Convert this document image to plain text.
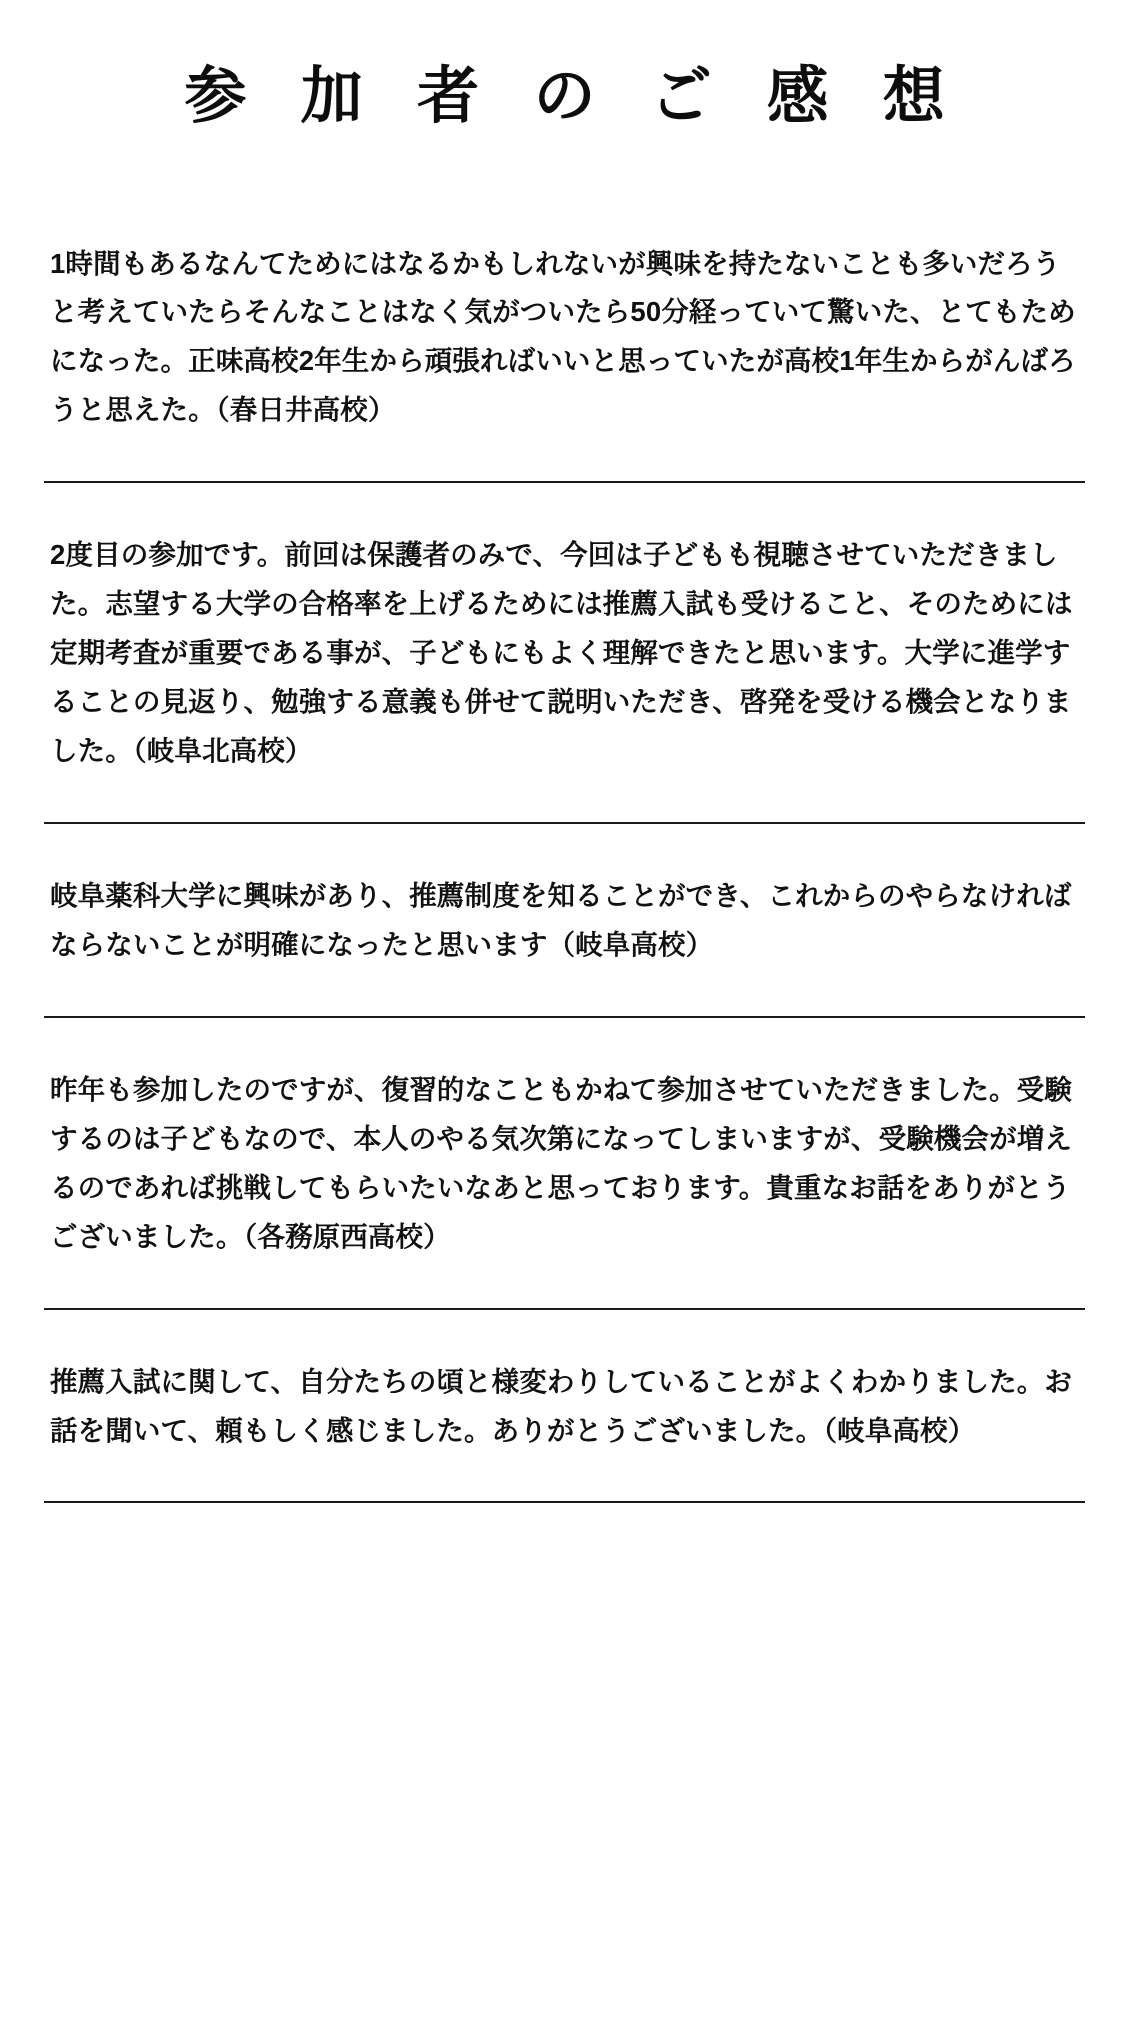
参 加 者 の ご 感 想

1時間もあるなんてためにはなるかもしれないが興味を持たないことも多いだろうと考えていたらそんなことはなく気がついたら50分経っていて驚いた、とてもためになった。正味高校2年生から頑張ればいいと思っていたが高校1年生からがんばろうと思えた。（春日井高校）

2度目の参加です。前回は保護者のみで、今回は子どもも視聴させていただきました。志望する大学の合格率を上げるためには推薦入試も受けること、そのためには定期考査が重要である事が、子どもにもよく理解できたと思います。大学に進学することの見返り、勉強する意義も併せて説明いただき、啓発を受ける機会となりました。（岐阜北高校）

岐阜薬科大学に興味があり、推薦制度を知ることができ、これからのやらなければならないことが明確になったと思います（岐阜高校）

昨年も参加したのですが、復習的なこともかねて参加させていただきました。受験するのは子どもなので、本人のやる気次第になってしまいますが、受験機会が増えるのであれば挑戦してもらいたいなあと思っております。貴重なお話をありがとうございました。（各務原西高校）

推薦入試に関して、自分たちの頃と様変わりしていることがよくわかりました。お話を聞いて、頼もしく感じました。ありがとうございました。（岐阜高校）
